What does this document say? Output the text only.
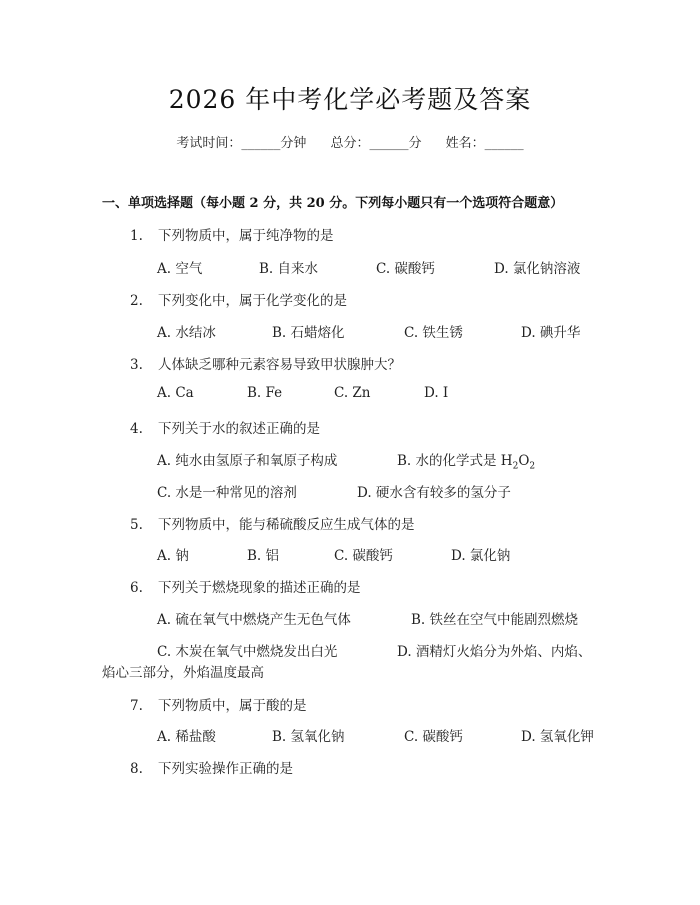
2026 年中考化学必考题及答案
考试时间：______分钟 总分：______分 姓名：______
一、单项选择题（每小题 2 分，共 20 分。下列每小题只有一个选项符合题意）
1. 下列物质中，属于纯净物的是
A. 空气	B. 自来水	C. 碳酸钙	D. 氯化钠溶液
2. 下列变化中，属于化学变化的是
A. 水结冰	B. 石蜡熔化	C. 铁生锈	D. 碘升华
3. 人体缺乏哪种元素容易导致甲状腺肿大？
A. Ca	B. Fe	C. Zn	D. I
4. 下列关于水的叙述正确的是
A. 纯水由氢原子和氧原子构成	B. 水的化学式是 $H_2O_2$
C. 水是一种常见的溶剂	D. 硬水含有较多的氢分子
5. 下列物质中，能与稀硫酸反应生成气体的是
A. 钠	B. 铝	C. 碳酸钙	D. 氯化钠
6. 下列关于燃烧现象的描述正确的是
A. 硫在氧气中燃烧产生无色气体	B. 铁丝在空气中能剧烈燃烧
C. 木炭在氧气中燃烧发出白光	D. 酒精灯火焰分为外焰、内焰、
焰心三部分，外焰温度最高
7. 下列物质中，属于酸的是
A. 稀盐酸	B. 氢氧化钠	C. 碳酸钙	D. 氢氧化钾
8. 下列实验操作正确的是
